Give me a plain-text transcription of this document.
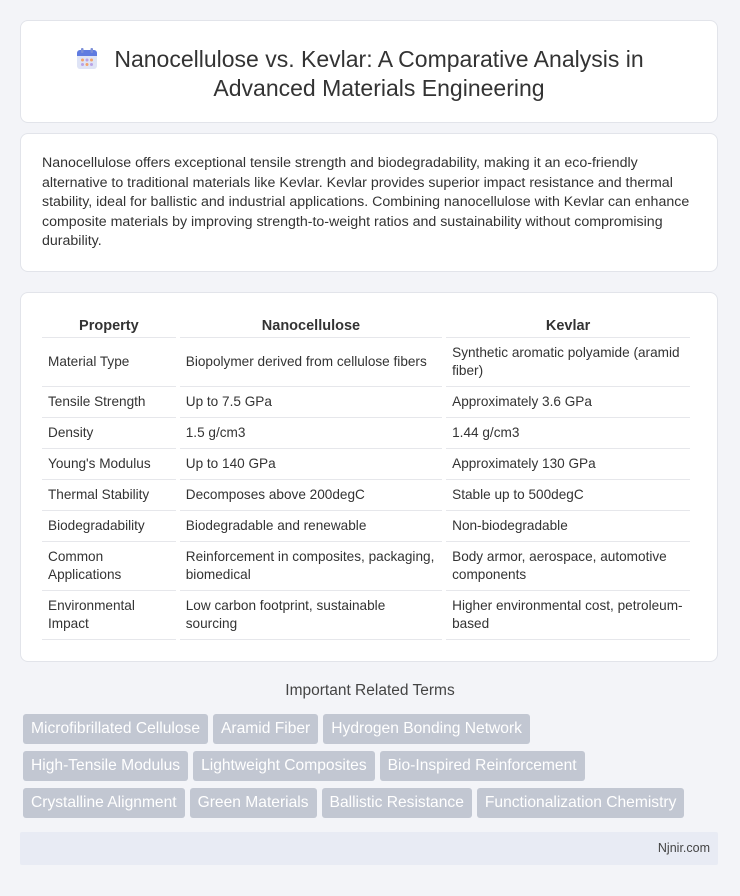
Nanocellulose vs. Kevlar: A Comparative Analysis in
Advanced Materials Engineering

Nanocellulose offers exceptional tensile strength and biodegradability, making it an eco-friendly alternative to traditional materials like Kevlar. Kevlar provides superior impact resistance and thermal stability, ideal for ballistic and industrial applications. Combining nanocellulose with Kevlar can enhance composite materials by improving strength-to-weight ratios and sustainability without compromising durability.

Property	Nanocellulose	Kevlar
Material Type	Biopolymer derived from cellulose fibers	Synthetic aromatic polyamide (aramid fiber)
Tensile Strength	Up to 7.5 GPa	Approximately 3.6 GPa
Density	1.5 g/cm3	1.44 g/cm3
Young's Modulus	Up to 140 GPa	Approximately 130 GPa
Thermal Stability	Decomposes above 200degC	Stable up to 500degC
Biodegradability	Biodegradable and renewable	Non-biodegradable
Common Applications	Reinforcement in composites, packaging, biomedical	Body armor, aerospace, automotive components
Environmental Impact	Low carbon footprint, sustainable sourcing	Higher environmental cost, petroleum-based
Important Related Terms
Microfibrillated Cellulose Aramid Fiber Hydrogen Bonding Network
High-Tensile Modulus Lightweight Composites Bio-Inspired Reinforcement
Crystalline Alignment Green Materials Ballistic Resistance Functionalization Chemistry
Njnir.com
